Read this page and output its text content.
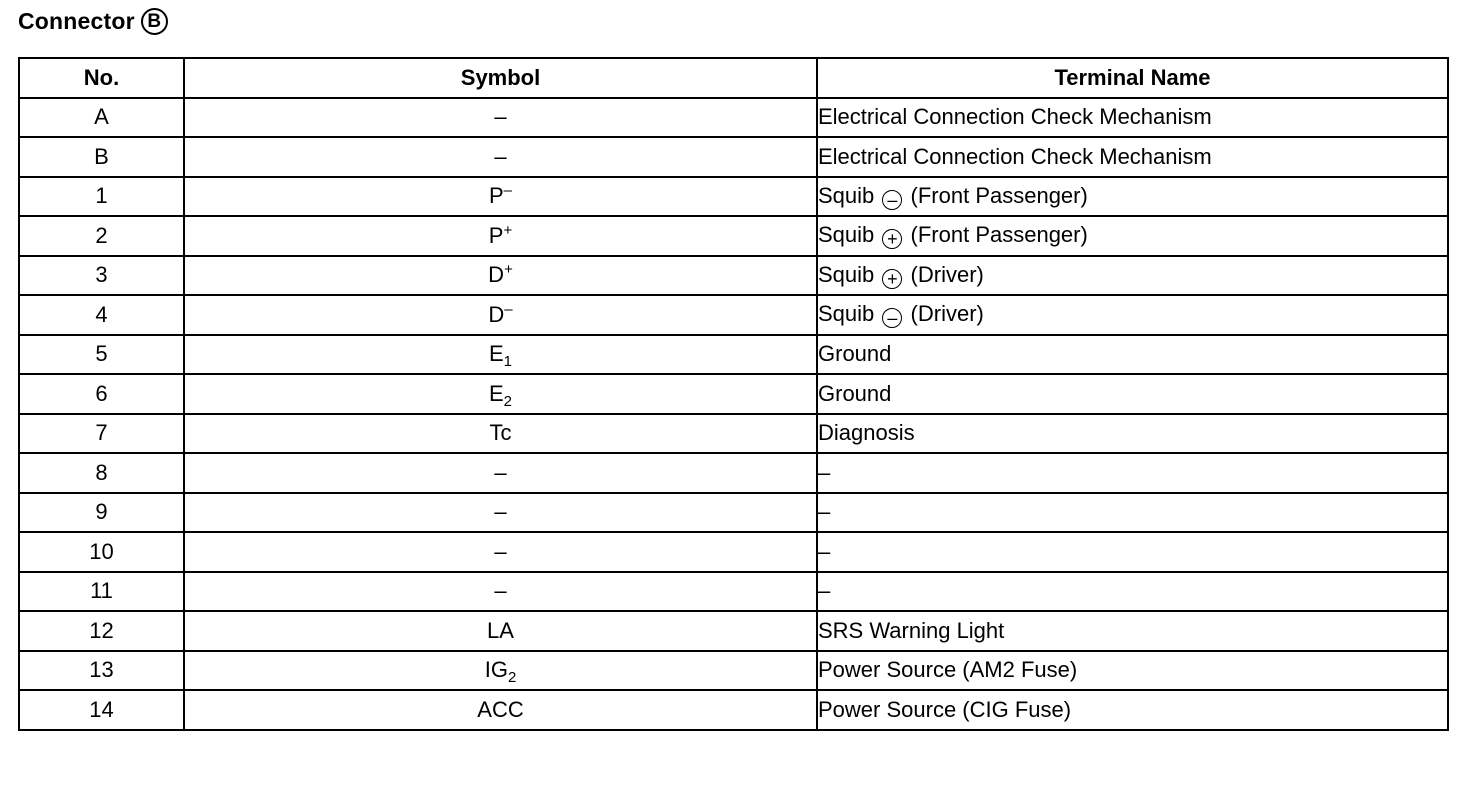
Connector B
No.	Symbol	Terminal Name
A	–	Electrical Connection Check Mechanism
B	–	Electrical Connection Check Mechanism
1	P–	Squib – (Front Passenger)
2	P+	Squib + (Front Passenger)
3	D+	Squib + (Driver)
4	D–	Squib – (Driver)
5	$E_1$	Ground
6	$E_2$	Ground
7	Tc	Diagnosis
8	–	–
9	–	–
10	–	–
11	–	–
12	LA	SRS Warning Light
13	$IG_2$	Power Source (AM2 Fuse)
14	ACC	Power Source (CIG Fuse)
